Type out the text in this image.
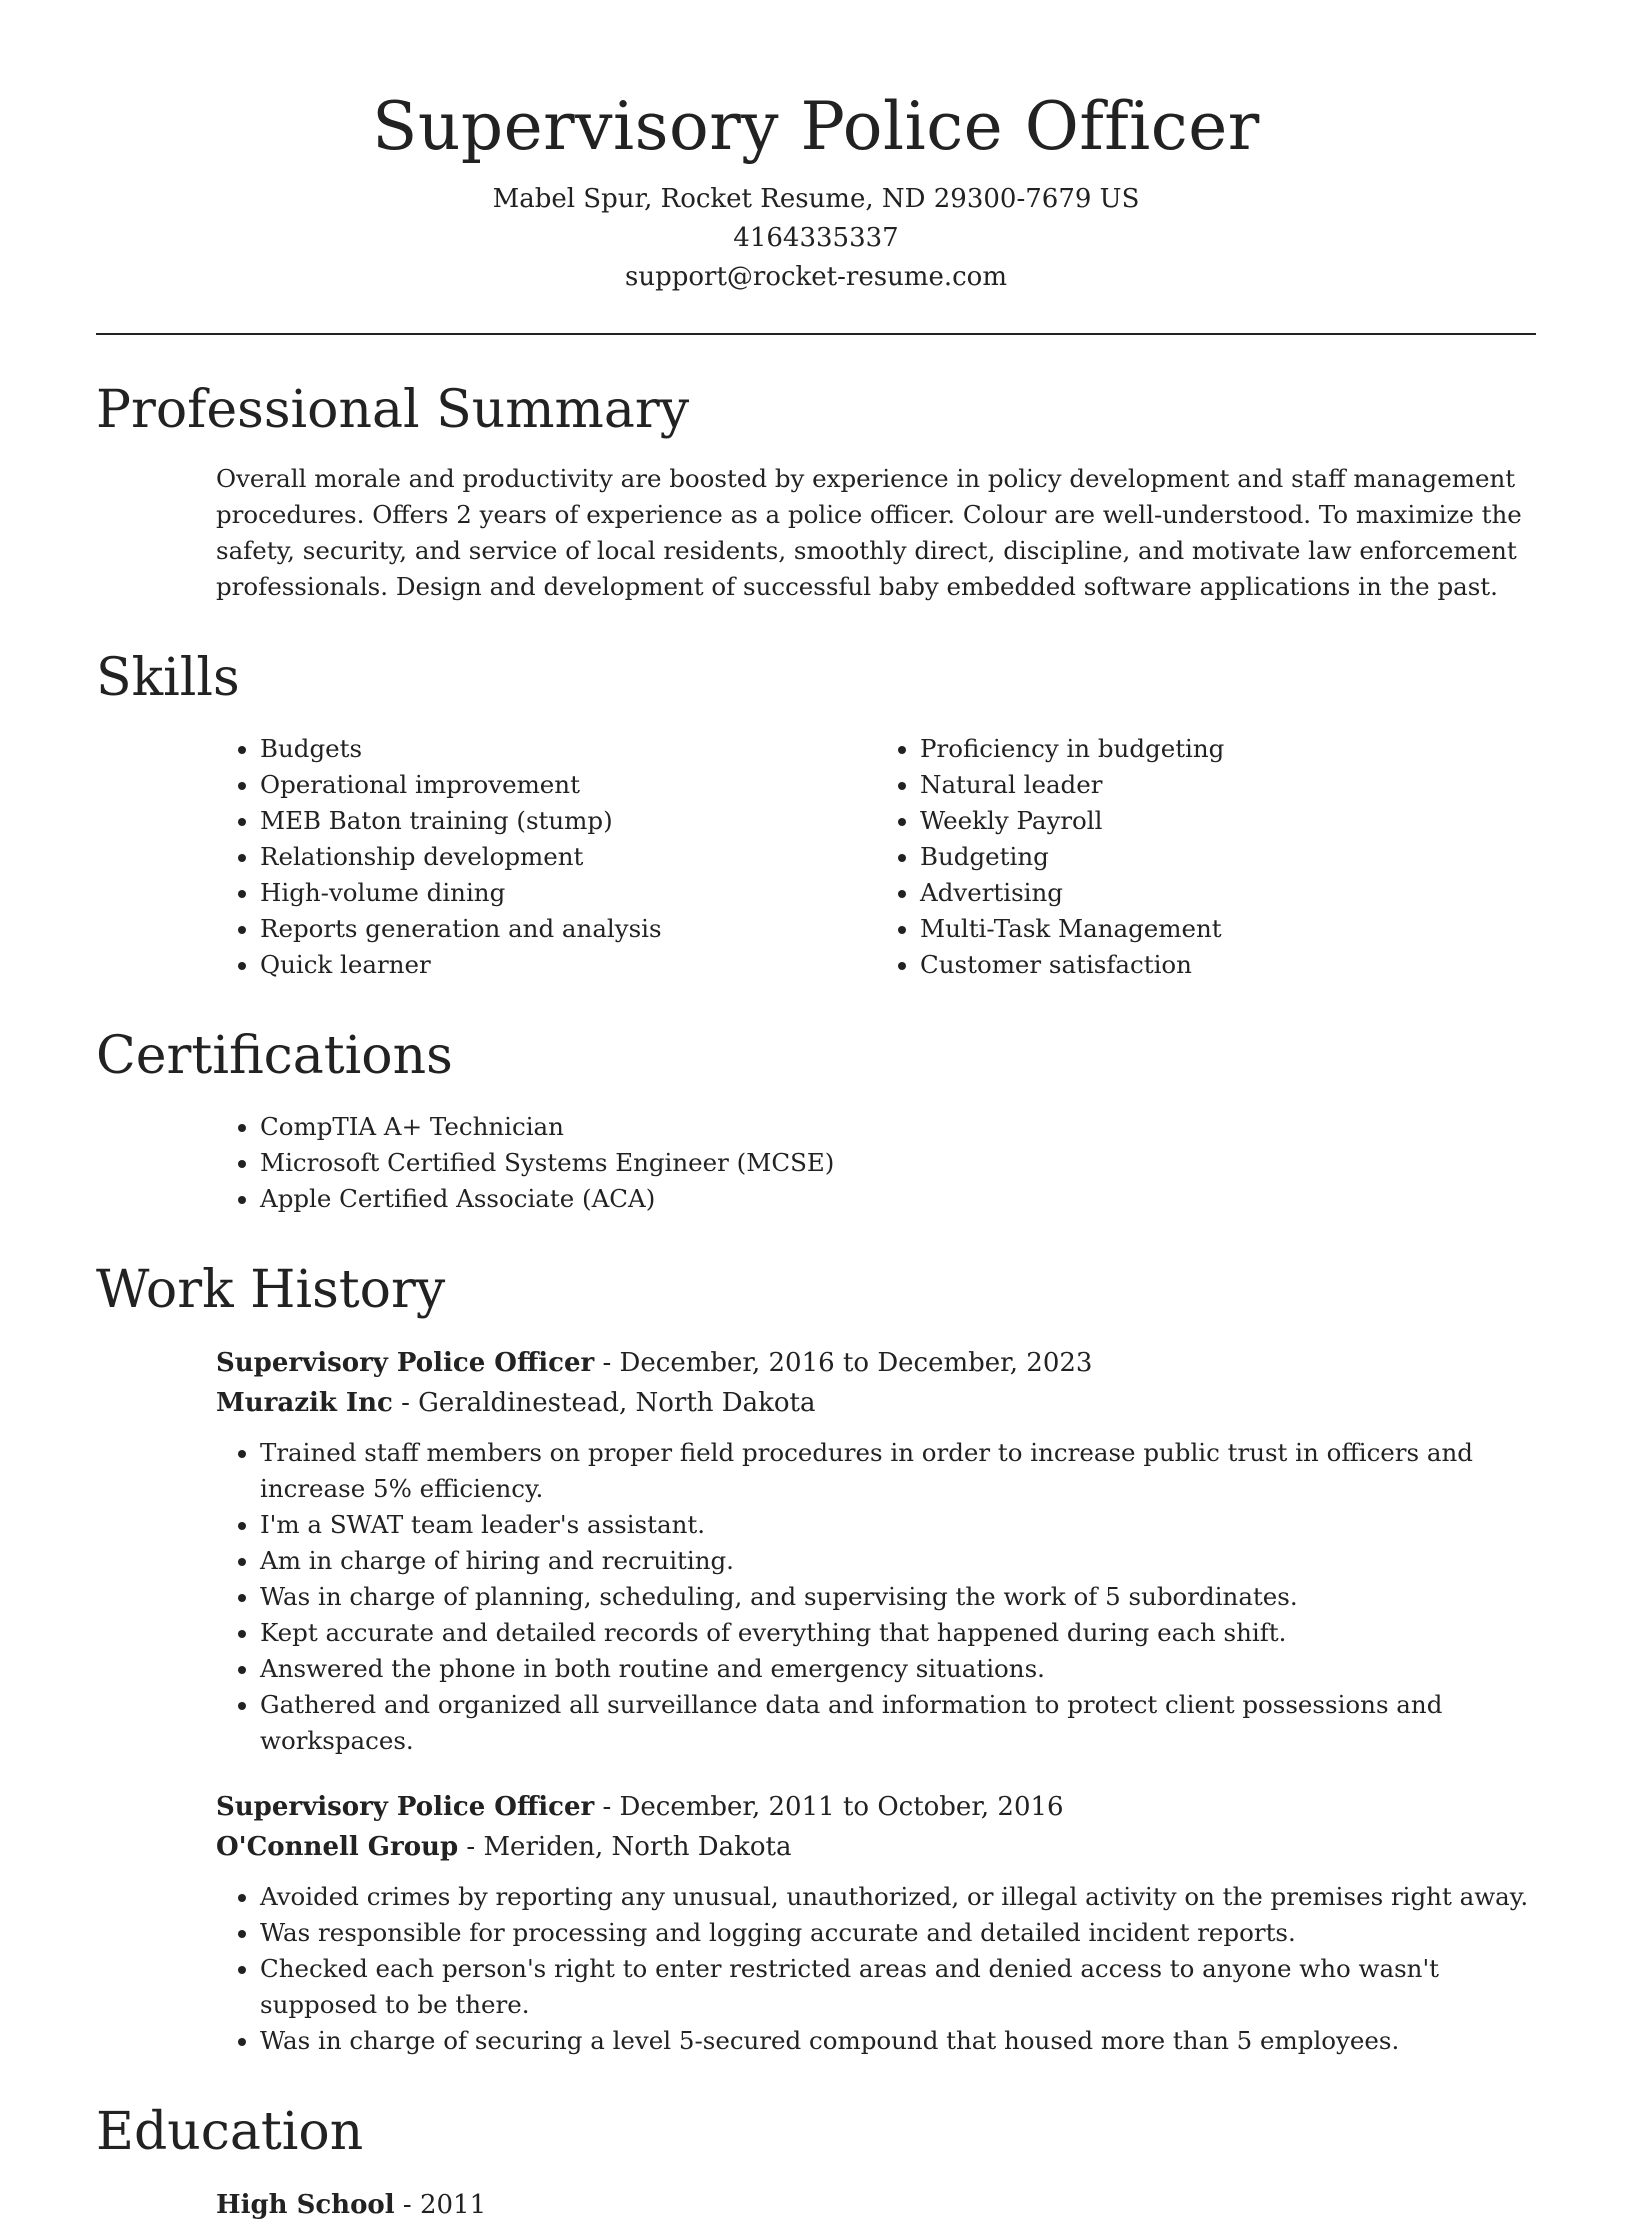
Supervisory Police Officer
Mabel Spur, Rocket Resume, ND 29300-7679 US
4164335337
support@rocket-resume.com
Professional Summary

Overall morale and productivity are boosted by experience in policy development and staff management procedures. Offers 2 years of experience as a police officer. Colour are well-understood. To maximize the safety, security, and service of local residents, smoothly direct, discipline, and motivate law enforcement professionals. Design and development of successful baby embedded software applications in the past.

Skills
• Budgets
• Operational improvement
• MEB Baton training (stump)
• Relationship development
• High-volume dining
• Reports generation and analysis
• Quick learner
• Proficiency in budgeting
• Natural leader
• Weekly Payroll
• Budgeting
• Advertising
• Multi-Task Management
• Customer satisfaction
Certifications
• CompTIA A+ Technician
• Microsoft Certified Systems Engineer (MCSE)
• Apple Certified Associate (ACA)
Work History
Supervisory Police Officer - December, 2016 to December, 2023
Murazik Inc - Geraldinestead, North Dakota
• Trained staff members on proper field procedures in order to increase public trust in officers and increase 5% efficiency.
• I'm a SWAT team leader's assistant.
• Am in charge of hiring and recruiting.
• Was in charge of planning, scheduling, and supervising the work of 5 subordinates.
• Kept accurate and detailed records of everything that happened during each shift.
• Answered the phone in both routine and emergency situations.
• Gathered and organized all surveillance data and information to protect client possessions and workspaces.
Supervisory Police Officer - December, 2011 to October, 2016
O'Connell Group - Meriden, North Dakota
• Avoided crimes by reporting any unusual, unauthorized, or illegal activity on the premises right away.
• Was responsible for processing and logging accurate and detailed incident reports.
• Checked each person's right to enter restricted areas and denied access to anyone who wasn't supposed to be there.
• Was in charge of securing a level 5-secured compound that housed more than 5 employees.
Education
High School - 2011
